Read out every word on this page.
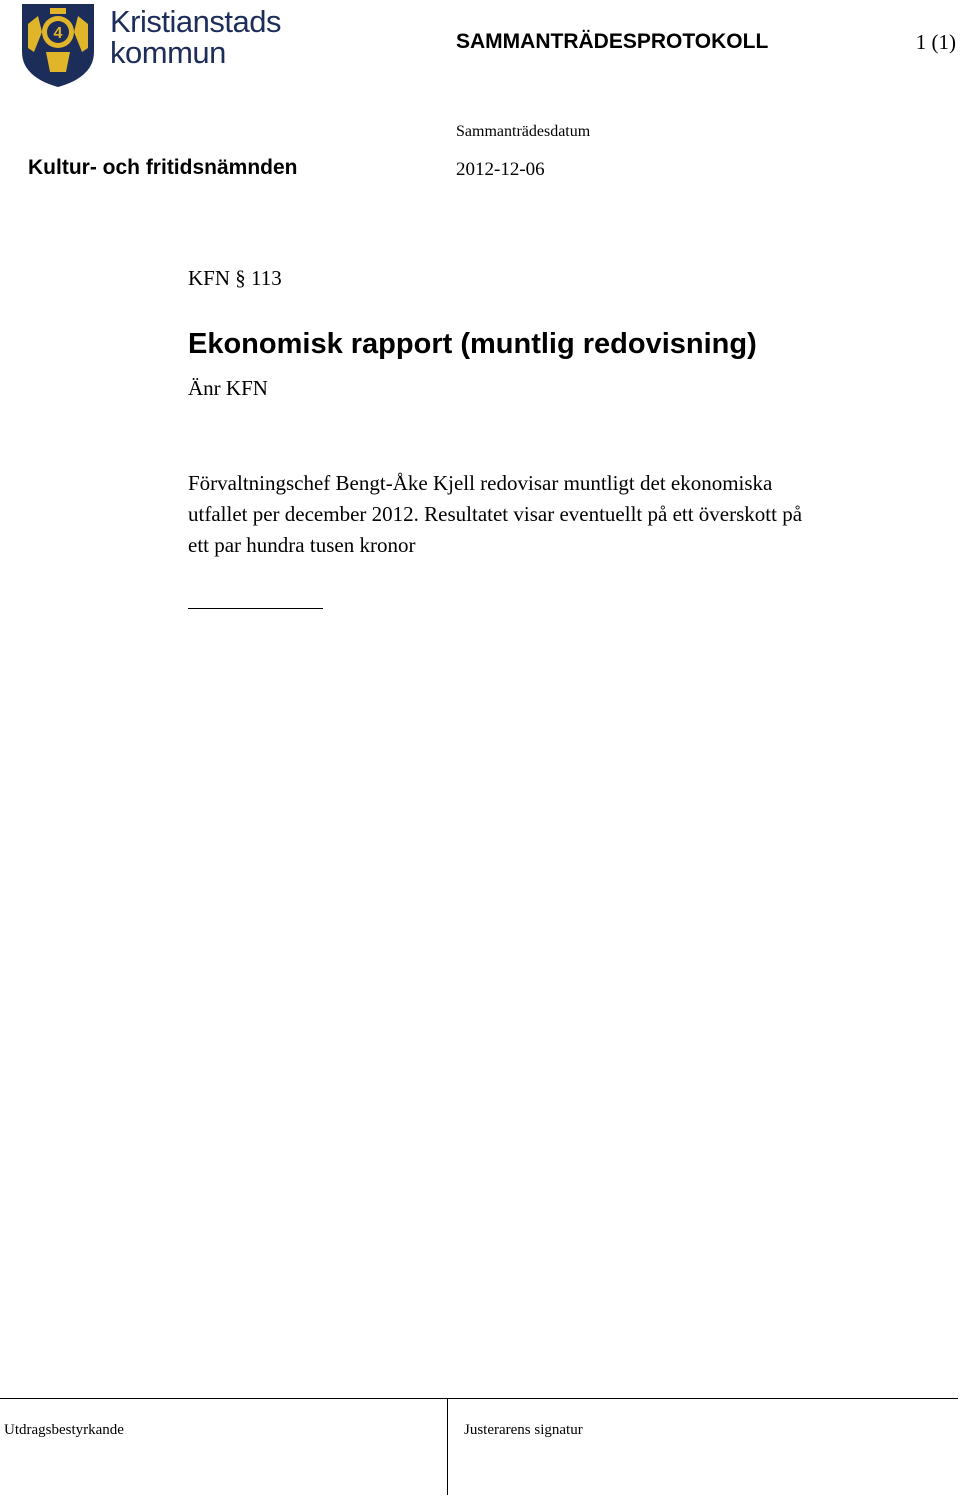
4 Kristianstads
kommun	SAMMANTRÄDESPROTOKOLL	1 (1)
Sammanträdesdatum
Kultur- och fritidsnämnden	2012-12-06
KFN § 113
Ekonomisk rapport (muntlig redovisning)
Änr KFN
Förvaltningschef Bengt-Åke Kjell redovisar muntligt det ekonomiska
utfallet per december 2012. Resultatet visar eventuellt på ett överskott på
ett par hundra tusen kronor
Utdragsbestyrkande	Justerarens signatur
